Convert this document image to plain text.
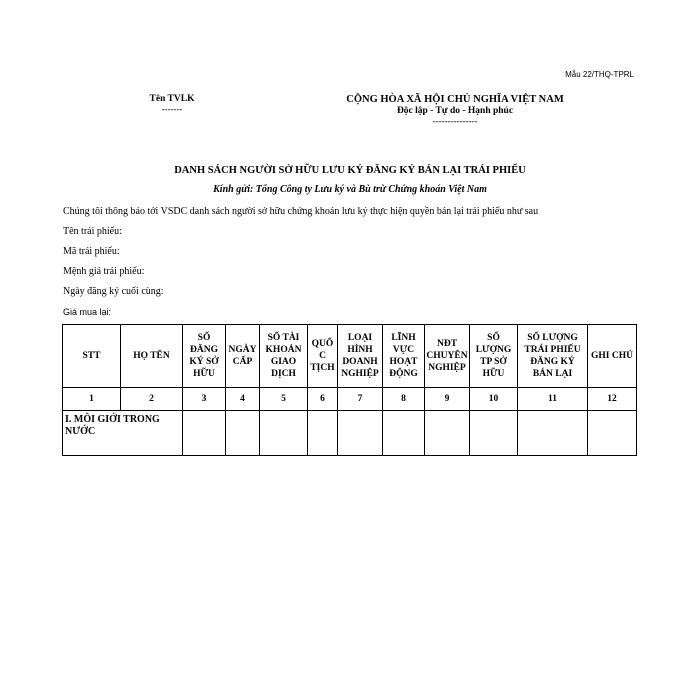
Mẫu 22/THQ-TPRL
Tên TVLK
-------
CỘNG HÒA XÃ HỘI CHỦ NGHĨA VIỆT NAM
Độc lập - Tự do - Hạnh phúc
---------------
DANH SÁCH NGƯỜI SỞ HỮU LƯU KÝ ĐĂNG KÝ BÁN LẠI TRÁI PHIẾU
Kính gửi: Tổng Công ty Lưu ký và Bù trừ Chứng khoán Việt Nam
Chúng tôi thông báo tới VSDC danh sách người sở hữu chứng khoán lưu ký thực hiện quyền bán lại trái phiếu như sau
Tên trái phiếu:
Mã trái phiếu:
Mệnh giá trái phiếu:
Ngày đăng ký cuối cùng:
Giá mua lại:
STT	HỌ TÊN	SỐ ĐĂNG KÝ SỞ HỮU	NGÀY CẤP	SỐ TÀI KHOẢN GIAO DỊCH	QUỐC TỊCH	LOẠI HÌNH DOANH NGHIỆP	LĨNH VỰC HOẠT ĐỘNG	NĐT CHUYÊN NGHIỆP	SỐ LƯỢNG TP SỞ HỮU	SỐ LƯỢNG TRÁI PHIẾU ĐĂNG KÝ BÁN LẠI	GHI CHÚ
1	2	3	4	5	6	7	8	9	10	11	12
I. MÔI GIỚI TRONG NƯỚC											
